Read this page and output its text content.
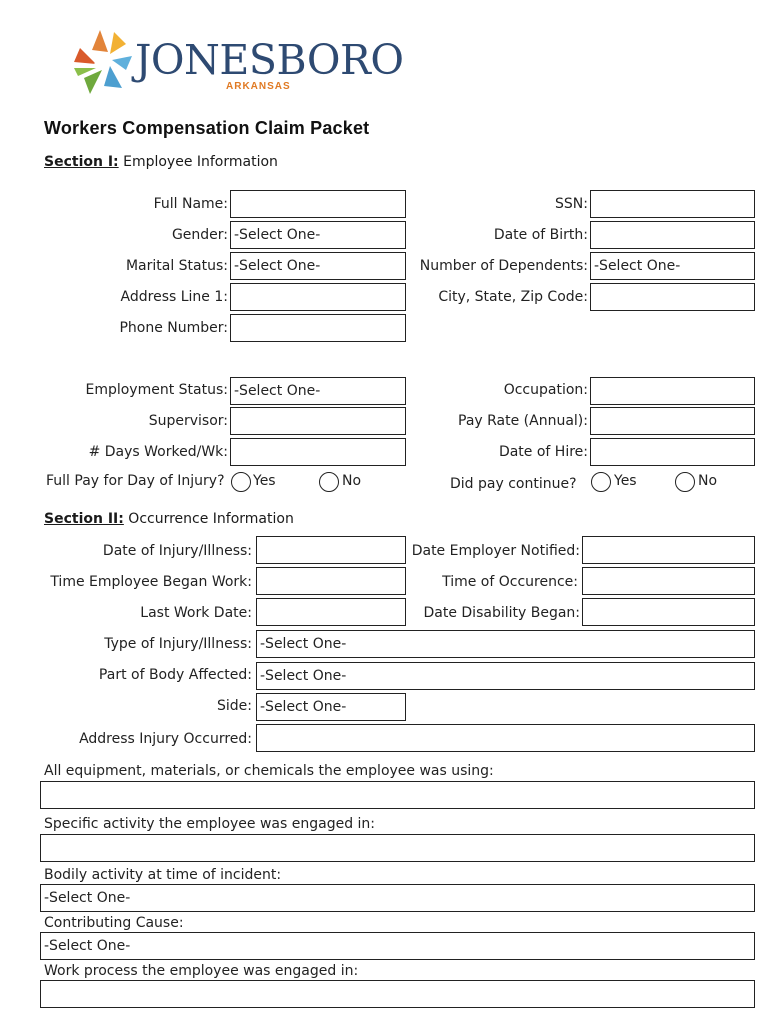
JONESBORO
ARKANSAS
Workers Compensation Claim Packet
Section I: Employee Information
Full Name:	SSN:
Gender: -Select One-	Date of Birth:
Marital Status: -Select One-	Number of Dependents: -Select One-
Address Line 1:	City, State, Zip Code:
Phone Number:
Employment Status: -Select One-	Occupation:
Supervisor:	Pay Rate (Annual):
# Days Worked/Wk:	Date of Hire:
Full Pay for Day of Injury? Yes	No	Did pay continue?	Yes	No
Section II: Occurrence Information
Date of Injury/Illness:	Date Employer Notified:
Time Employee Began Work:	Time of Occurence:
Last Work Date:	Date Disability Began:
Type of Injury/Illness: -Select One-
Part of Body Affected: -Select One-
Side: -Select One-
Address Injury Occurred:
All equipment, materials, or chemicals the employee was using:
Specific activity the employee was engaged in:
Bodily activity at time of incident:
-Select One-
Contributing Cause:
-Select One-
Work process the employee was engaged in:
